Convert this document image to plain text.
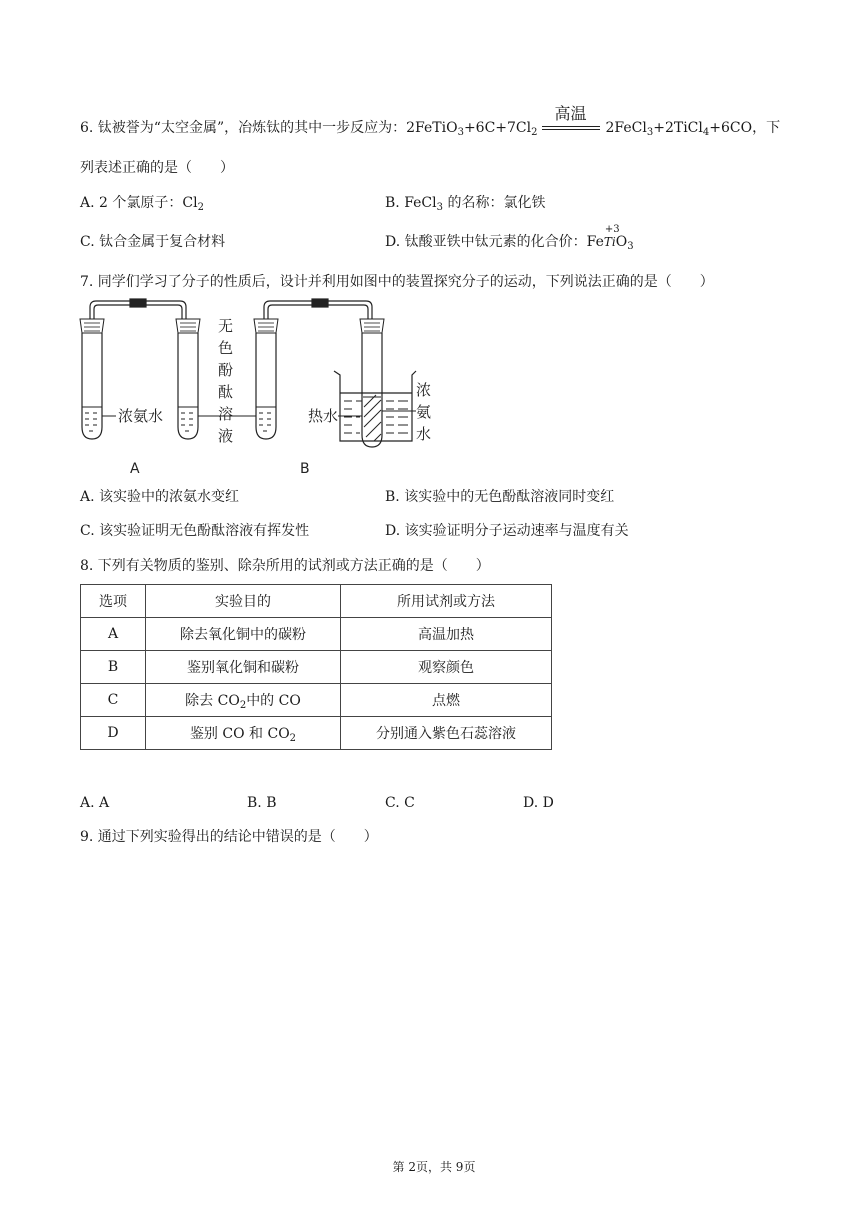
6. 钛被誉为“太空金属”，冶炼钛的其中一步反应为：$2FeTiO_3+6C+7Cl_2$
高温
2FeCl$_3$+2TiCl$_4$+6CO，下
列表述正确的是（　　）
A. 2 个氯原子：$Cl_2$	B. FeCl$_3$ 的名称：氯化铁
C. 钛合金属于复合材料	D. 钛酸亚铁中钛元素的化合价：Fe
+3
TiO$_3$
7. 同学们学习了分子的性质后，设计并利用如图中的装置探究分子的运动，下列说法正确的是（　　）
浓氨水
无
色
酚
酞
溶
液
热水
浓
氨
水
A	B
A. 该实验中的浓氨水变红	B. 该实验中的无色酚酞溶液同时变红
C. 该实验证明无色酚酞溶液有挥发性	D. 该实验证明分子运动速率与温度有关
8. 下列有关物质的鉴别、除杂所用的试剂或方法正确的是（　　）
选项	实验目的	所用试剂或方法
A	除去氧化铜中的碳粉	高温加热
B	鉴别氧化铜和碳粉	观察颜色
C	除去 $CO_2$中的 CO	点燃
D	鉴别 CO 和 $CO_2$	分别通入紫色石蕊溶液
A. A	B. B	C. C	D. D
9. 通过下列实验得出的结论中错误的是（　　）
第 2页，共 9页
